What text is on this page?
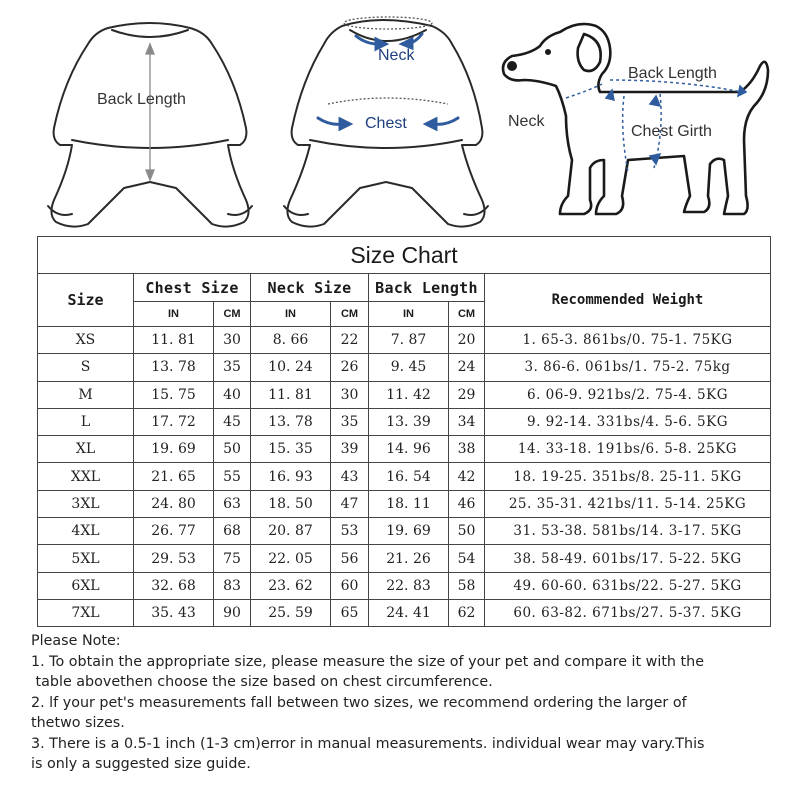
Back Length
Neck
Chest
Back Length
Neck
Chest Girth
Size Chart							
Size	Chest Size		Neck Size		Back Length		Recommended Weight
	IN	CM	IN	CM	IN	CM	
XS	11. 81	30	8. 66	22	7. 87	20	1. 65-3. 861bs/0. 75-1. 75KG
S	13. 78	35	10. 24	26	9. 45	24	3. 86-6. 061bs/1. 75-2. 75kg
M	15. 75	40	11. 81	30	11. 42	29	6. 06-9. 921bs/2. 75-4. 5KG
L	17. 72	45	13. 78	35	13. 39	34	9. 92-14. 331bs/4. 5-6. 5KG
XL	19. 69	50	15. 35	39	14. 96	38	14. 33-18. 191bs/6. 5-8. 25KG
XXL	21. 65	55	16. 93	43	16. 54	42	18. 19-25. 351bs/8. 25-11. 5KG
3XL	24. 80	63	18. 50	47	18. 11	46	25. 35-31. 421bs/11. 5-14. 25KG
4XL	26. 77	68	20. 87	53	19. 69	50	31. 53-38. 581bs/14. 3-17. 5KG
5XL	29. 53	75	22. 05	56	21. 26	54	38. 58-49. 601bs/17. 5-22. 5KG
6XL	32. 68	83	23. 62	60	22. 83	58	49. 60-60. 631bs/22. 5-27. 5KG
7XL	35. 43	90	25. 59	65	24. 41	62	60. 63-82. 671bs/27. 5-37. 5KG

Please Note:

1. To obtain the appropriate size, please measure the size of your pet and compare it with the

table abovethen choose the size based on chest circumference.

2. lf your pet's measurements fall between two sizes, we recommend ordering the larger of

thetwo sizes.

3. There is a 0.5-1 inch (1-3 cm)error in manual measurements. individual wear may vary.This

is only a suggested size guide.
